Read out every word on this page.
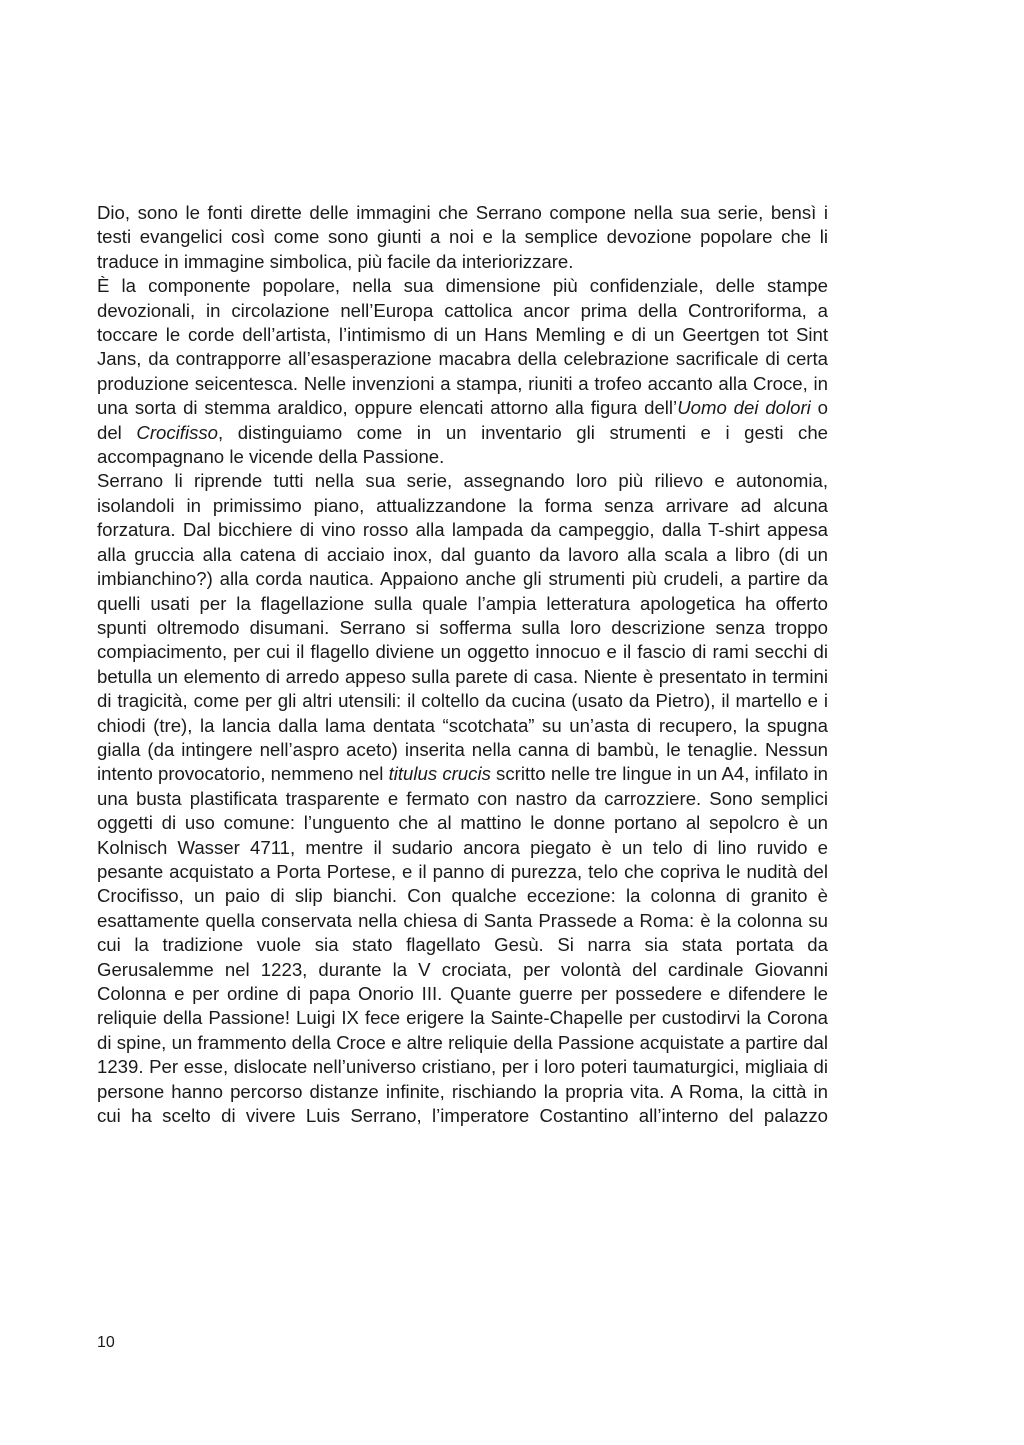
Dio, sono le fonti dirette delle immagini che Serrano compone nella sua serie, bensì i testi evangelici così come sono giunti a noi e la semplice devozione popolare che li traduce in immagine simbolica, più facile da interiorizzare.

È la componente popolare, nella sua dimensione più confidenziale, delle stampe devozionali, in circolazione nell’Europa cattolica ancor prima della Controriforma, a toccare le corde dell’artista, l’intimismo di un Hans Memling e di un Geertgen tot Sint Jans, da contrapporre all’esasperazione macabra della celebrazione sacrificale di certa produzione seicentesca. Nelle invenzioni a stampa, riuniti a trofeo accanto alla Croce, in una sorta di stemma araldico, oppure elencati attorno alla figura dell’Uomo dei dolori o del Crocifisso, distinguiamo come in un inventario gli strumenti e i gesti che accompagnano le vicende della Passione.

Serrano li riprende tutti nella sua serie, assegnando loro più rilievo e autonomia, isolandoli in primissimo piano, attualizzandone la forma senza arrivare ad alcuna forzatura. Dal bicchiere di vino rosso alla lampada da campeggio, dalla T-shirt appesa alla gruccia alla catena di acciaio inox, dal guanto da lavoro alla scala a libro (di un imbianchino?) alla corda nautica. Appaiono anche gli strumenti più crudeli, a partire da quelli usati per la flagellazione sulla quale l’ampia letteratura apologetica ha offerto spunti oltremodo disumani. Serrano si sofferma sulla loro descrizione senza troppo compiacimento, per cui il flagello diviene un oggetto innocuo e il fascio di rami secchi di betulla un elemento di arredo appeso sulla parete di casa. Niente è presentato in termini di tragicità, come per gli altri utensili: il coltello da cucina (usato da Pietro), il martello e i chiodi (tre), la lancia dalla lama dentata “scotchata” su un’asta di recupero, la spugna gialla (da intingere nell’aspro aceto) inserita nella canna di bambù, le tenaglie. Nessun intento provocatorio, nemmeno nel titulus crucis scritto nelle tre lingue in un A4, infilato in una busta plastificata trasparente e fermato con nastro da carrozziere. Sono semplici oggetti di uso comune: l’unguento che al mattino le donne portano al sepolcro è un Kolnisch Wasser 4711, mentre il sudario ancora piegato è un telo di lino ruvido e pesante acquistato a Porta Portese, e il panno di purezza, telo che copriva le nudità del Crocifisso, un paio di slip bianchi. Con qualche eccezione: la colonna di granito è esattamente quella conservata nella chiesa di Santa Prassede a Roma: è la colonna su cui la tradizione vuole sia stato flagellato Gesù. Si narra sia stata portata da Gerusalemme nel 1223, durante la V crociata, per volontà del cardinale Giovanni Colonna e per ordine di papa Onorio III. Quante guerre per possedere e difendere le reliquie della Passione! Luigi IX fece erigere la Sainte-Chapelle per custodirvi la Corona di spine, un frammento della Croce e altre reliquie della Passione acquistate a partire dal 1239. Per esse, dislocate nell’universo cristiano, per i loro poteri taumaturgici, migliaia di persone hanno percorso distanze infinite, rischiando la propria vita. A Roma, la città in cui ha scelto di vivere Luis Serrano, l’imperatore Costantino all’interno del palazzo

10
